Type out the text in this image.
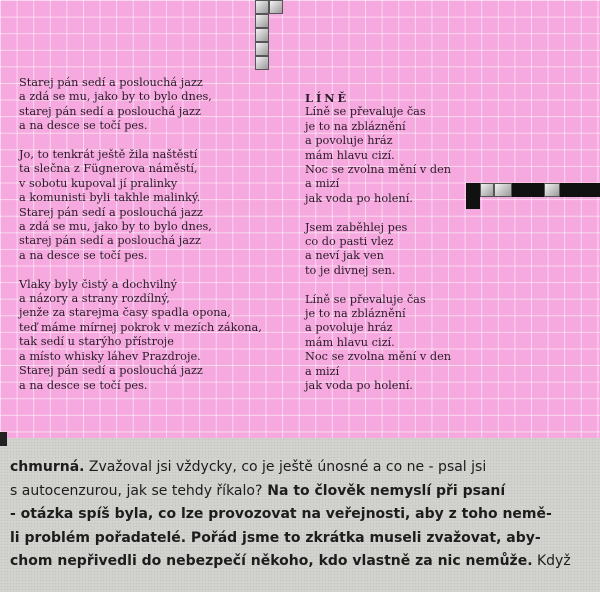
Starej pán sedí a poslouchá jazz
a zdá se mu, jako by to bylo dnes,
starej pán sedí a poslouchá jazz
a na desce se točí pes.
Jo, to tenkrát ještě žila naštěstí
ta slečna z Fügnerova náměstí,
v sobotu kupoval jí pralinky
a komunisti byli takhle malinký.
Starej pán sedí a poslouchá jazz
a zdá se mu, jako by to bylo dnes,
starej pán sedí a poslouchá jazz
a na desce se točí pes.
Vlaky byly čistý a dochvilný
a názory a strany rozdílný,
jenže za starejma časy spadla opona,
teď máme mírnej pokrok v mezích zákona,
tak sedí u starýho přístroje
a místo whisky láhev Prazdroje.
Starej pán sedí a poslouchá jazz
a na desce se točí pes.
LÍNĚ
Líně se převaluje čas
je to na zbláznění
a povoluje hráz
mám hlavu cizí.
Noc se zvolna mění v den
a mizí
jak voda po holení.
Jsem zaběhlej pes
co do pasti vlez
a neví jak ven
to je divnej sen.
Líně se převaluje čas
je to na zbláznění
a povoluje hráz
mám hlavu cizí.
Noc se zvolna mění v den
a mizí
jak voda po holení.
chmurná. Zvažoval jsi vždycky, co je ještě únosné a co ne - psal jsi
s autocenzurou, jak se tehdy říkalo? Na to člověk nemyslí při psaní
- otázka spíš byla, co lze provozovat na veřejnosti, aby z toho nemě-
li problém pořadatelé. Pořád jsme to zkrátka museli zvažovat, aby-
chom nepřivedli do nebezpečí někoho, kdo vlastně za nic nemůže. Když
